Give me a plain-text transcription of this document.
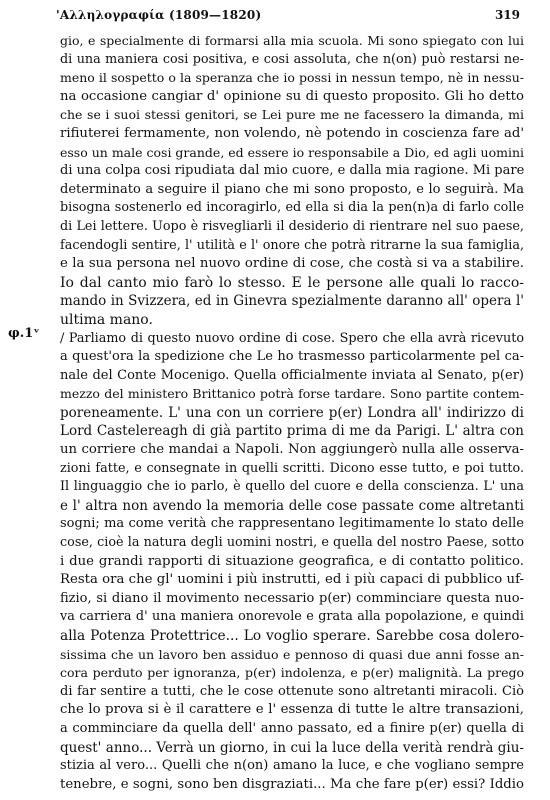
'Αλληλογραφία (1809—1820)	319
φ.1ᵛ
gio, e specialmente di formarsi alla mia scuola. Mi sono spiegato con lui
di una maniera cosi positiva, e cosi assoluta, che n(on) può restarsi ne-
meno il sospetto o la speranza che io possi in nessun tempo, nè in nessu-
na occasione cangiar d' opinione su di questo proposito. Gli ho detto
che se i suoi stessi genitori, se Lei pure me ne facessero la dimanda, mi
rifiuterei fermamente, non volendo, nè potendo in coscienza fare ad'
esso un male cosi grande, ed essere io responsabile a Dio, ed agli uomini
di una colpa cosi ripudiata dal mio cuore, e dalla mia ragione. Mi pare
determinato a seguire il piano che mi sono proposto, e lo seguirà. Ma
bisogna sostenerlo ed incoragirlo, ed ella si dia la pen(n)a di farlo colle
di Lei lettere. Uopo è risvegliarli il desiderio di rientrare nel suo paese,
facendogli sentire, l' utilità e l' onore che potrà ritrarne la sua famiglia,
e la sua persona nel nuovo ordine di cose, che costà si va a stabilire.
Io dal canto mio farò lo stesso. E le persone alle quali lo racco-
mando in Svizzera, ed in Ginevra spezialmente daranno all' opera l'
ultima mano.
/ Parliamo di questo nuovo ordine di cose. Spero che ella avrà ricevuto
a quest'ora la spedizione che Le ho trasmesso particolarmente pel ca-
nale del Conte Mocenigo. Quella officialmente inviata al Senato, p(er)
mezzo del ministero Brittanico potrà forse tardare. Sono partite contem-
poreneamente. L' una con un corriere p(er) Londra all' indirizzo di
Lord Castelereagh di già partito prima di me da Parigi. L' altra con
un corriere che mandai a Napoli. Non aggiungerò nulla alle osserva-
zioni fatte, e consegnate in quelli scritti. Dicono esse tutto, e poi tutto.
Il linguaggio che io parlo, è quello del cuore e della conscienza. L' una
e l' altra non avendo la memoria delle cose passate come altretanti
sogni; ma come verità che rappresentano legitimamente lo stato delle
cose, cioè la natura degli uomini nostri, e quella del nostro Paese, sotto
i due grandi rapporti di situazione geografica, e di contatto politico.
Resta ora che gl' uomini i più instrutti, ed i più capaci di pubblico uf-
fizio, si diano il movimento necessario p(er) comminciare questa nuo-
va carriera d' una maniera onorevole e grata alla popolazione, e quindi
alla Potenza Protettrice... Lo voglio sperare. Sarebbe cosa dolero-
sissima che un lavoro ben assiduo e pennoso di quasi due anni fosse an-
cora perduto per ignoranza, p(er) indolenza, e p(er) malignità. La prego
di far sentire a tutti, che le cose ottenute sono altretanti miracoli. Ciò
che lo prova si è il carattere e l' essenza di tutte le altre transazioni,
a comminciare da quella dell' anno passato, ed a finire p(er) quella di
quest' anno... Verrà un giorno, in cui la luce della verità rendrà giu-
stizia al vero... Quelli che n(on) amano la luce, e che vogliano sempre
tenebre, e sogni, sono ben disgraziati... Ma che fare p(er) essi? Iddio
